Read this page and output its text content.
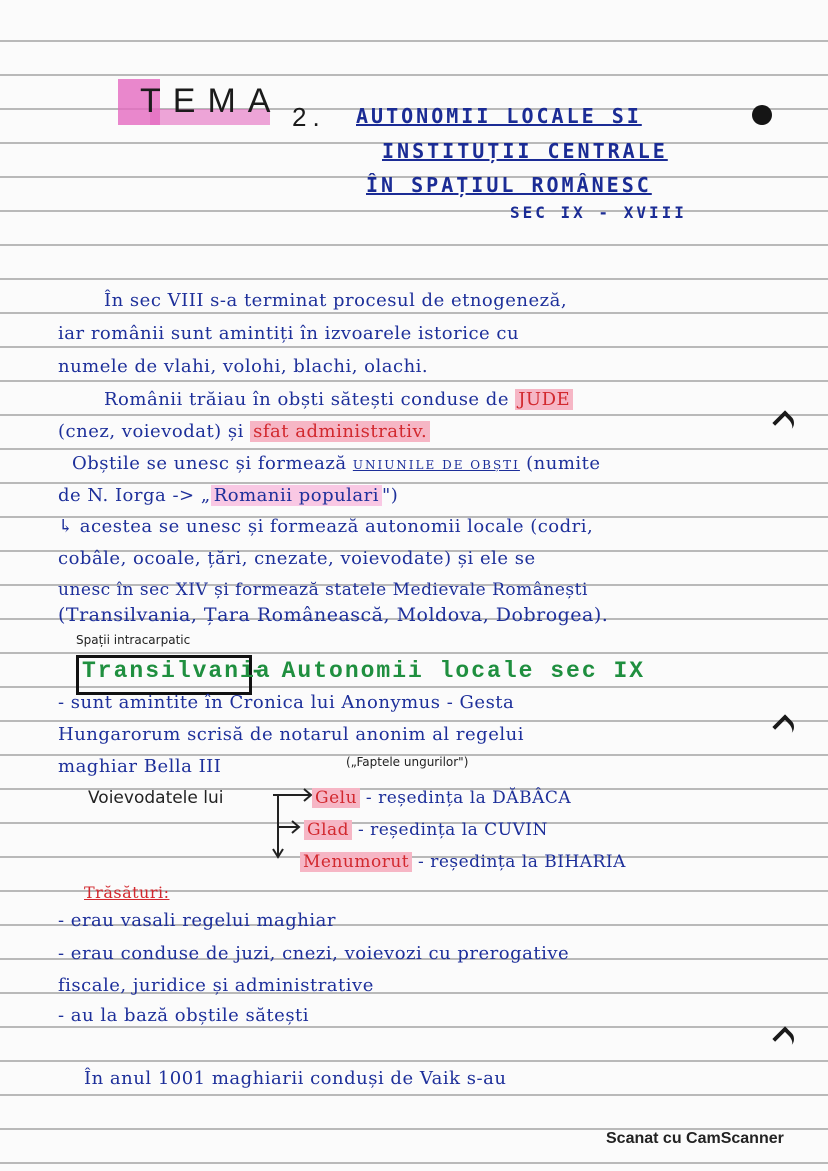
TEMA 2. AUTONOMII LOCALE SI
INSTITUȚII CENTRALE
ÎN SPAȚIUL ROMÂNESC
SEC IX - XVIII
În sec VIII s-a terminat procesul de etnogeneză,
iar românii sunt amintiți în izvoarele istorice cu
numele de vlahi, volohi, blachi, olachi.
Românii trăiau în obști sătești conduse de JUDE
(cnez, voievodat) și sfat administrativ.
Obștile se unesc și formează UNIUNILE DE OBȘTI (numite
de N. Iorga -> „ Romanii populari ")
↳ acestea se unesc și formează autonomii locale (codri,
cobâle, ocoale, țări, cnezate, voievodate) și ele se
unesc în sec XIV și formează statele Medievale Românești
(Transilvania, Țara Românească, Moldova, Dobrogea).
Spații intracarpatic
Transilvania
- Autonomii locale sec IX
- sunt amintite în Cronica lui Anonymus - Gesta
Hungarorum scrisă de notarul anonim al regelui
maghiar Bella III	(„Faptele ungurilor")
Voievodatele lui	Gelu - reședința la DĂBÂCA
Glad - reședința la CUVIN
Menumorut - reședința la BIHARIA
Trăsături:
- erau vasali regelui maghiar
- erau conduse de juzi, cnezi, voievozi cu prerogative
fiscale, juridice și administrative
- au la bază obștile sătești
În anul 1001 maghiarii conduși de Vaik s-au
Scanat cu CamScanner
